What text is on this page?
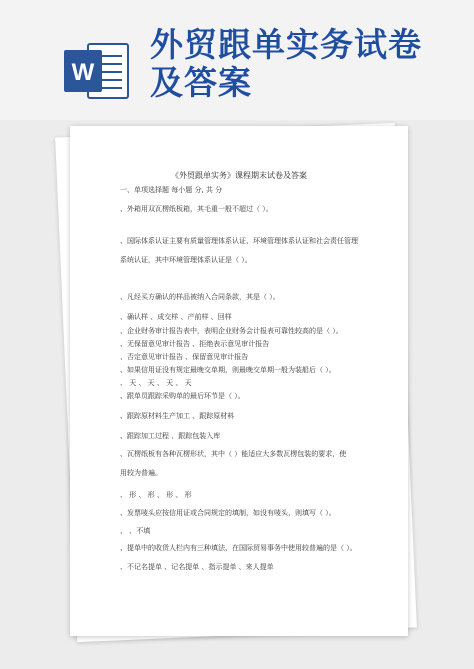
W
外贸跟单实务试卷
及答案
《外贸跟单实务》课程期末试卷及答案
一、单项选择题 每小题 分, 共 分
、外箱用双瓦楞纸板箱，其毛重一般不超过（ ）。
、国际体系认证主要有质量管理体系认证、环境管理体系认证和社会责任管理
系统认证，其中环境管理体系认证是（ ）。
、凡经买方确认的样品被纳入合同条款，其是（ ）。
、确认样 、成交样 、产前样 、回样
、企业财务审计报告表中，表明企业财务会计报表可靠性较高的是（ ）。
、无保留意见审计报告 、拒绝表示意见审计报告
、否定意见审计报告 、保留意见审计报告
、如果信用证没有规定最晚交单期，则最晚交单期一般为装船后（ ）。
、 天 、 天 、 天 、 天
、跟单员跟踪采购单的最后环节是（ ）。
、跟踪原材料生产加工 、跟踪原材料
、跟踪加工过程 、跟踪包装入库
、瓦楞纸板有各种瓦楞形状，其中（ ）能适应大多数瓦楞包装的要求，使
用较为普遍。
、 形 、 形 、 形 、 形
、发票唛头应按信用证或合同规定的填制，如没有唛头，则填写（ ）。
、 、不填
、提单中的收货人栏内有三种填法，在国际贸易事务中使用较普遍的是（ ）。
、不记名提单 、记名提单 、指示提单 、来人提单
